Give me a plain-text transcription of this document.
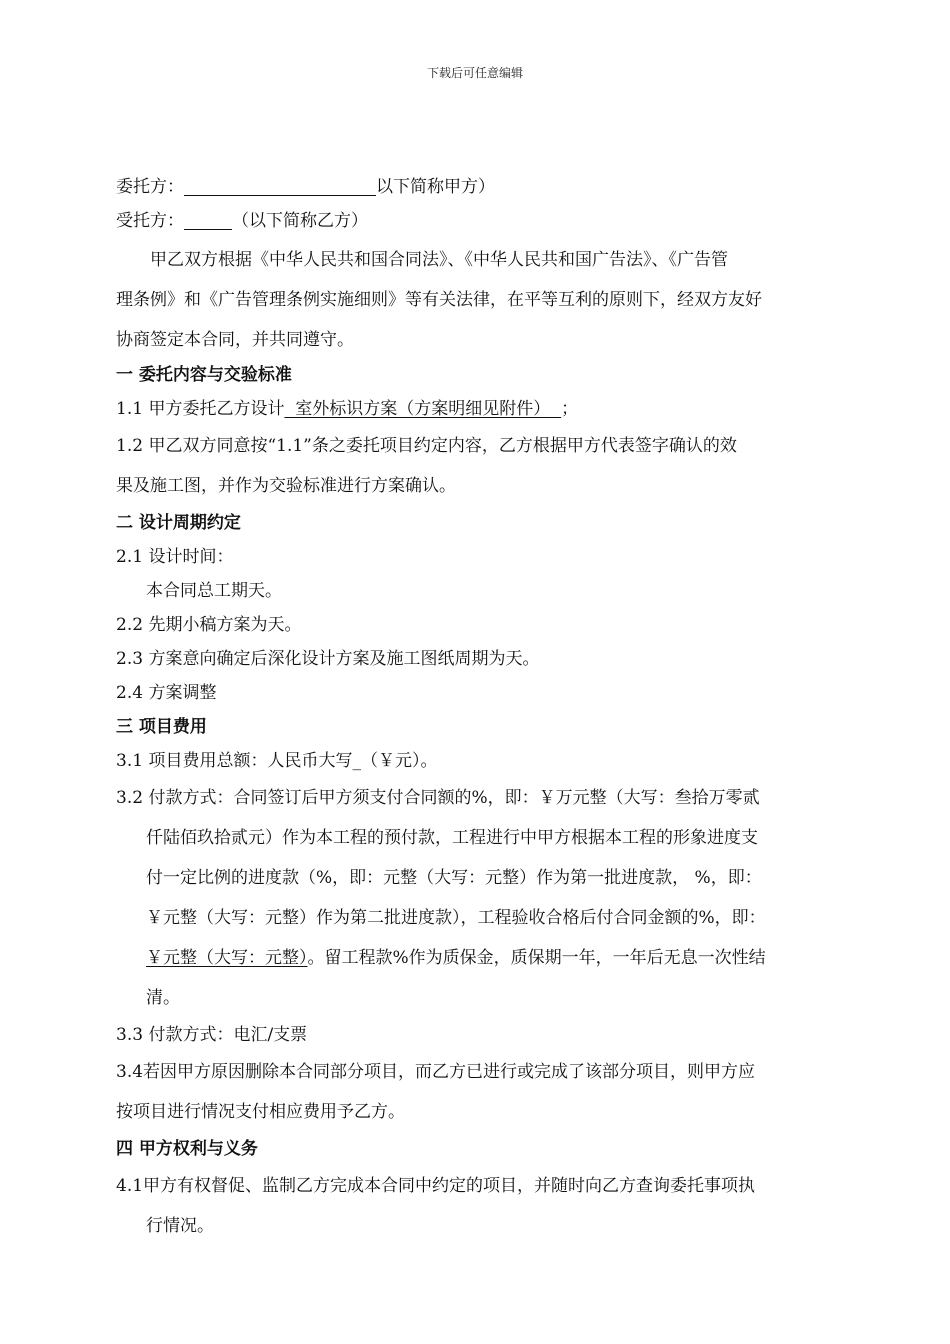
下载后可任意编辑
委托方：	以下简称甲方）
受托方：	（以下简称乙方）
甲乙双方根据《中华人民共和国合同法》、《中华人民共和国广告法》、《广告管
理条例》和《广告管理条例实施细则》等有关法律，在平等互利的原则下，经双方友好
协商签定本合同，并共同遵守。
一 委托内容与交验标准
1.1 甲方委托乙方设计  室外标识方案（方案明细见附件）  ；
1.2 甲乙双方同意按“1.1”条之委托项目约定内容，乙方根据甲方代表签字确认的效
果及施工图，并作为交验标准进行方案确认。
二 设计周期约定
2.1 设计时间：
本合同总工期天。
2.2 先期小稿方案为天。
2.3 方案意向确定后深化设计方案及施工图纸周期为天。
2.4 方案调整
三 项目费用
3.1 项目费用总额：人民币大写_（￥元）。
3.2 付款方式：合同签订后甲方须支付合同额的%，即：￥万元整（大写：叁拾万零贰
仟陆佰玖拾贰元）作为本工程的预付款，工程进行中甲方根据本工程的形象进度支
付一定比例的进度款（%，即：元整（大写：元整）作为第一批进度款， %，即：
￥元整（大写：元整）作为第二批进度款），工程验收合格后付合同金额的%，即：
￥元整（大写：元整）。留工程款%作为质保金，质保期一年，一年后无息一次性结
清。
3.3 付款方式：电汇/支票
3.4若因甲方原因删除本合同部分项目，而乙方已进行或完成了该部分项目，则甲方应
按项目进行情况支付相应费用予乙方。
四 甲方权利与义务
4.1甲方有权督促、监制乙方完成本合同中约定的项目，并随时向乙方查询委托事项执
行情况。
